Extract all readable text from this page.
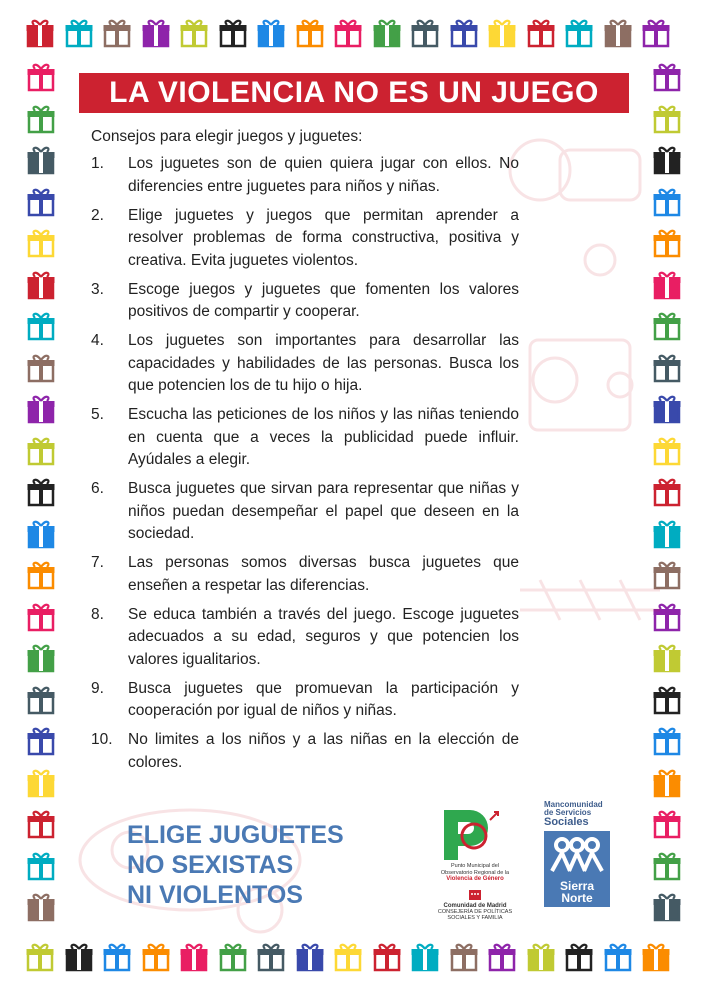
LA VIOLENCIA NO ES UN JUEGO
Consejos para elegir juegos y juguetes:
1. Los juguetes son de quien quiera jugar con ellos. No diferencies entre juguetes para niños y niñas.
2. Elige juguetes y juegos que permitan aprender a resolver problemas de forma constructiva, positiva y creativa. Evita juguetes violentos.
3. Escoge juegos y juguetes que fomenten los valores positivos de compartir y cooperar.
4. Los juguetes son importantes para desarrollar las capacidades y habilidades de las personas. Busca los que potencien los de tu hijo o hija.
5. Escucha las peticiones de los niños y las niñas teniendo en cuenta que a veces la publicidad puede influir. Ayúdales a elegir.
6. Busca juguetes que sirvan para representar que niñas y niños puedan desempeñar el papel que deseen en la sociedad.
7. Las personas somos diversas busca juguetes que enseñen a respetar las diferencias.
8. Se educa también a través del juego. Escoge juguetes adecuados a su edad, seguros y que potencien los valores igualitarios.
9. Busca juguetes que promuevan la participación y cooperación por igual de niños y niñas.
10. No limites a los niños y a las niñas en la elección de colores.
ELIGE JUGUETES
NO SEXISTAS
NI VIOLENTOS
Punto Municipal del
Observatorio Regional de la
Violencia de Género
Comunidad de Madrid
CONSEJERÍA DE POLÍTICAS
SOCIALES Y FAMILIA
Mancomunidad
de Servicios
Sociales
Sierra
Norte
